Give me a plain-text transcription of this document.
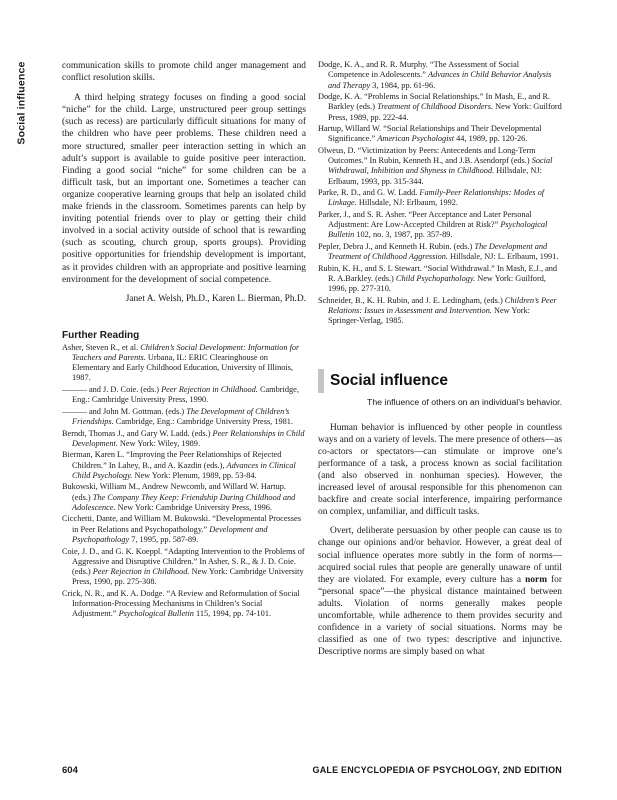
Social influence	communication skills to promote child anger management and conflict resolution skills.

A third helping strategy focuses on finding a good social “niche” for the child. Large, unstructured peer group settings (such as recess) are particularly difficult situations for many of the children who have peer problems. These children need a more structured, smaller peer interaction setting in which an adult’s support is available to guide positive peer interaction. Finding a good social “niche” for some children can be a difficult task, but an important one. Sometimes a teacher can organize cooperative learning groups that help an isolated child make friends in the classroom. Sometimes parents can help by inviting potential friends over to play or getting their child involved in a social activity outside of school that is rewarding (such as scouting, church group, sports groups). Providing positive opportunities for friendship development is important, as it provides children with an appropriate and positive learning environment for the development of social competence.

Janet A. Welsh, Ph.D., Karen L. Bierman, Ph.D.
Further Reading
Asher, Steven R., et al. Children’s Social Development: Information for Teachers and Parents. Urbana, IL: ERIC Clearinghouse on Elementary and Early Childhood Education, University of Illinois, 1987.
——— and J. D. Coie. (eds.) Peer Rejection in Childhood. Cambridge, Eng.: Cambridge University Press, 1990.
——— and John M. Gottman. (eds.) The Development of Children’s Friendships. Cambridge, Eng.: Cambridge University Press, 1981.
Berndt, Thomas J., and Gary W. Ladd. (eds.) Peer Relationships in Child Development. New York: Wiley, 1989.
Bierman, Karen L. “Improving the Peer Relationships of Rejected Children.” In Lahey, B., and A. Kazdin (eds.), Advances in Clinical Child Psychology. New York: Plenum, 1989, pp. 53-84.
Bukowski, William M., Andrew Newcomb, and Willard W. Hartup. (eds.) The Company They Keep: Friendship During Childhood and Adolescence. New York: Cambridge University Press, 1996.
Cicchetti, Dante, and William M. Bukowski. “Developmental Processes in Peer Relations and Psychopathology.” Development and Psychopathology 7, 1995, pp. 587-89.
Coie, J. D., and G. K. Koeppl. “Adapting Intervention to the Problems of Aggressive and Disruptive Children.” In Asher, S. R., & J. D. Coie. (eds.) Peer Rejection in Childhood. New York: Cambridge University Press, 1990, pp. 275-308.
Crick, N. R., and K. A. Dodge. “A Review and Reformulation of Social Information-Processing Mechanisms in Children’s Social Adjustment.” Psychological Bulletin 115, 1994, pp. 74-101.
Dodge, K. A., and R. R. Murphy. “The Assessment of Social Competence in Adolescents.” Advances in Child Behavior Analysis and Therapy 3, 1984, pp. 61-96.
Dodge, K. A. “Problems in Social Relationships.” In Mash, E., and R. Barkley (eds.) Treatment of Childhood Disorders. New York: Guilford Press, 1989, pp. 222-44.
Hartup, Willard W. “Social Relationships and Their Developmental Significance.” American Psychologist 44, 1989, pp. 120-26.
Olweus, D. “Victimization by Peers: Antecedents and Long-Term Outcomes.” In Rubin, Kenneth H., and J.B. Asendorpf (eds.) Social Withdrawal, Inhibition and Shyness in Childhood. Hillsdale, NJ: Erlbaum, 1993, pp. 315-344.
Parke, R. D., and G. W. Ladd. Family-Peer Relationships: Modes of Linkage. Hillsdale, NJ: Erlbaum, 1992.
Parker, J., and S. R. Asher. “Peer Acceptance and Later Personal Adjustment: Are Low-Accepted Children at Risk?” Psychological Bulletin 102, no. 3, 1987, pp. 357-89.
Pepler, Debra J., and Kenneth H. Rubin. (eds.) The Development and Treatment of Childhood Aggression. Hillsdale, NJ: L. Erlbaum, 1991.
Rubin, K. H., and S. L Stewart. “Social Withdrawal.” In Mash, E.J., and R. A.Barkley. (eds.) Child Psychopathology. New York: Guilford, 1996, pp. 277-310.
Schneider, B., K. H. Rubin, and J. E. Ledingham, (eds.) Children’s Peer Relations: Issues in Assessment and Intervention. New York: Springer-Verlag, 1985.
Social influence
The influence of others on an individual’s behavior.

Human behavior is influenced by other people in countless ways and on a variety of levels. The mere presence of others—as co-actors or spectators—can stimulate or improve one’s performance of a task, a process known as social facilitation (and also observed in nonhuman species). However, the increased level of arousal responsible for this phenomenon can backfire and create social interference, impairing performance on complex, unfamiliar, and difficult tasks.

Overt, deliberate persuasion by other people can cause us to change our opinions and/or behavior. However, a great deal of social influence operates more subtly in the form of norms—acquired social rules that people are generally unaware of until they are violated. For example, every culture has a norm for “personal space”—the physical distance maintained between adults. Violation of norms generally makes people uncomfortable, while adherence to them provides security and confidence in a variety of social situations. Norms may be classified as one of two types: descriptive and injunctive. Descriptive norms are simply based on what

604	GALE ENCYCLOPEDIA OF PSYCHOLOGY, 2ND EDITION
